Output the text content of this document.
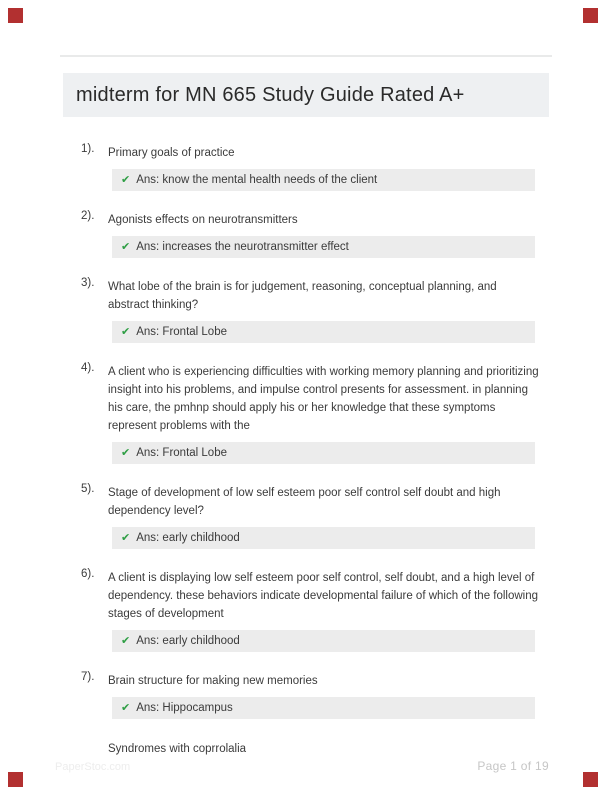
midterm for MN 665 Study Guide Rated A+
1). Primary goals of practice
✔ Ans: know the mental health needs of the client
2). Agonists effects on neurotransmitters
✔ Ans: increases the neurotransmitter effect
3). What lobe of the brain is for judgement, reasoning, conceptual planning, and abstract thinking?
✔ Ans: Frontal Lobe
4). A client who is experiencing difficulties with working memory planning and prioritizing insight into his problems, and impulse control presents for assessment. in planning his care, the pmhnp should apply his or her knowledge that these symptoms represent problems with the
✔ Ans: Frontal Lobe
5). Stage of development of low self esteem poor self control self doubt and high dependency level?
✔ Ans: early childhood
6). A client is displaying low self esteem poor self control, self doubt, and a high level of dependency. these behaviors indicate developmental failure of which of the following stages of development
✔ Ans: early childhood
7). Brain structure for making new memories
✔ Ans: Hippocampus
Syndromes with coprrolalia
PaperStoc.com	Page 1 of 19
